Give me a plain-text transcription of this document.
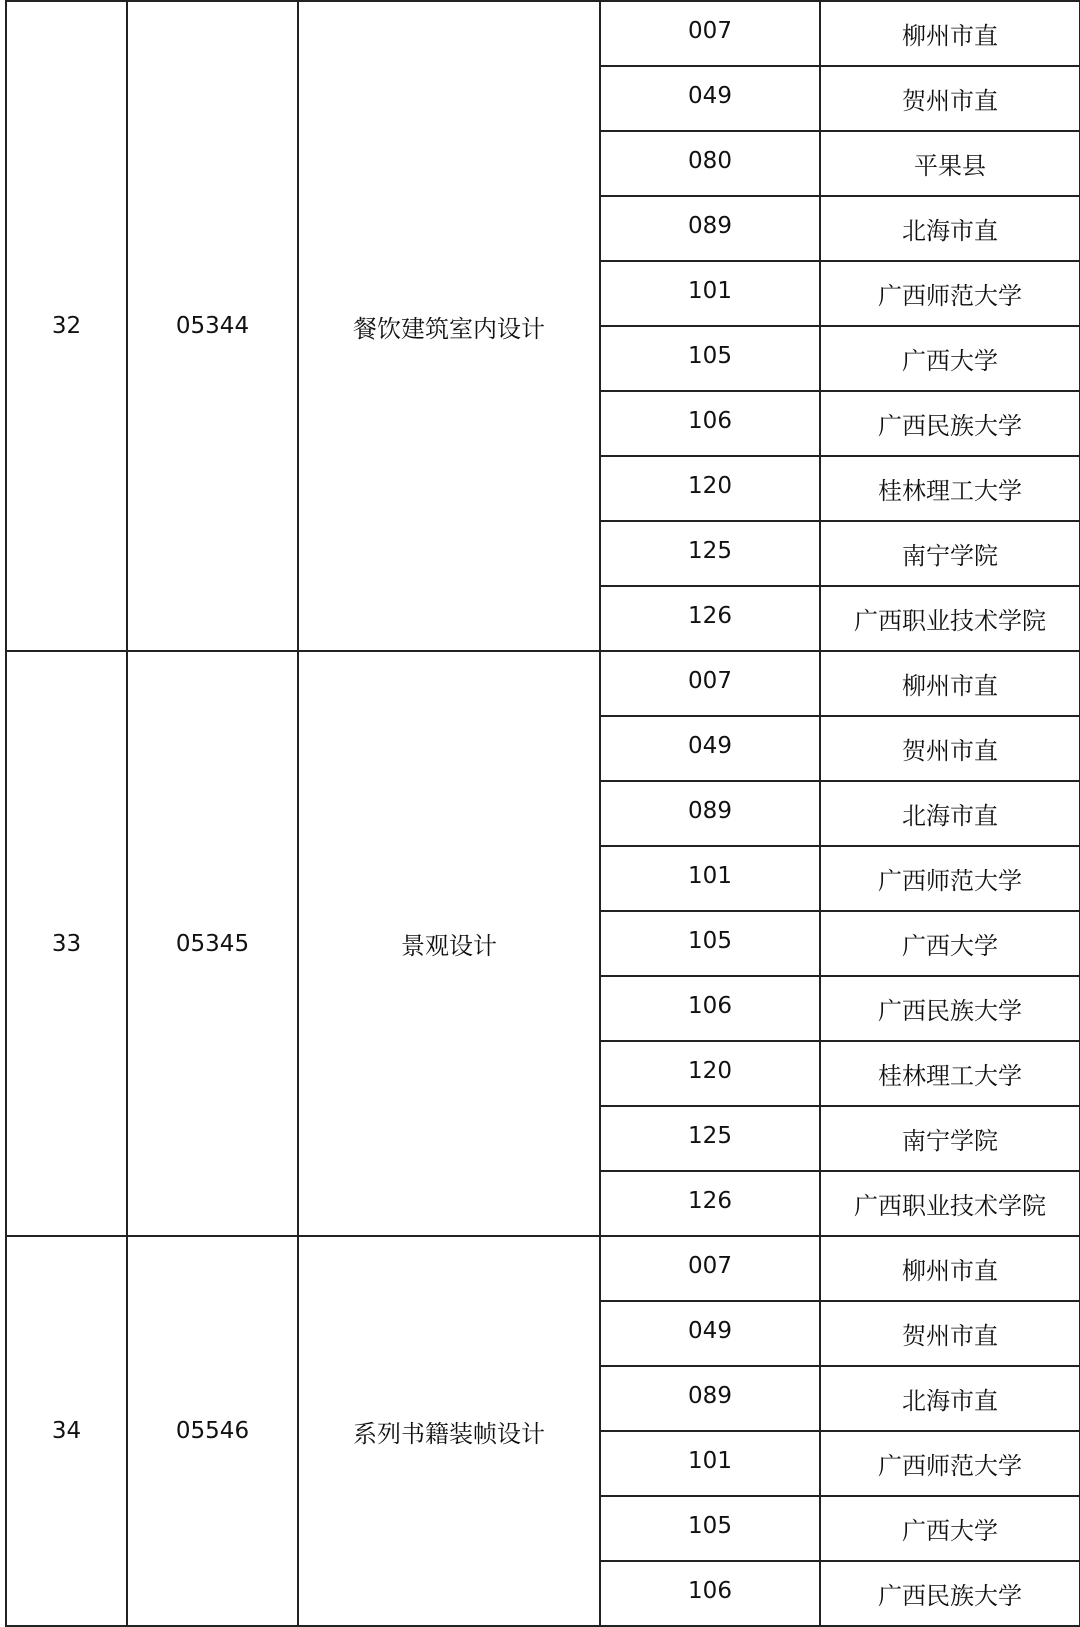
32	05344	餐饮建筑室内设计	007	柳州市直
			049	贺州市直
			080	平果县
			089	北海市直
			101	广西师范大学
			105	广西大学
			106	广西民族大学
			120	桂林理工大学
			125	南宁学院
			126	广西职业技术学院
33	05345	景观设计	007	柳州市直
			049	贺州市直
			089	北海市直
			101	广西师范大学
			105	广西大学
			106	广西民族大学
			120	桂林理工大学
			125	南宁学院
			126	广西职业技术学院
34	05546	系列书籍装帧设计	007	柳州市直
			049	贺州市直
			089	北海市直
			101	广西师范大学
			105	广西大学
			106	广西民族大学
